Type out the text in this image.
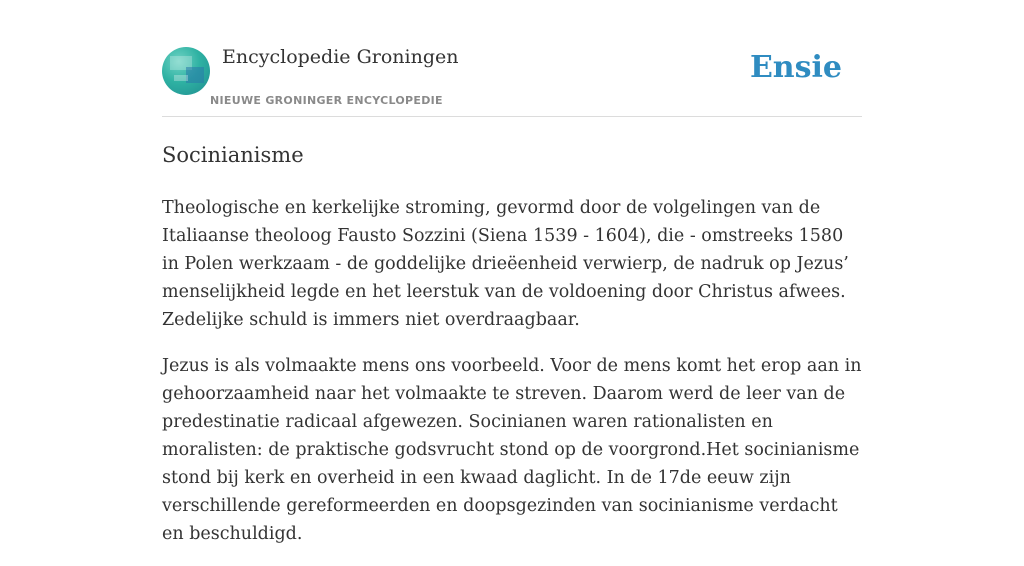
Encyclopedie Groningen
NIEUWE GRONINGER ENCYCLOPEDIE
Ensie
Socinianisme

Theologische en kerkelijke stroming, gevormd door de volgelingen van de Italiaanse theoloog Fausto Sozzini (Siena 1539 - 1604), die - omstreeks 1580 in Polen werkzaam - de goddelijke drieëenheid verwierp, de nadruk op Jezus’ menselijkheid legde en het leerstuk van de voldoening door Christus afwees. Zedelijke schuld is immers niet overdraagbaar.

Jezus is als volmaakte mens ons voorbeeld. Voor de mens komt het erop aan in gehoorzaamheid naar het volmaakte te streven. Daarom werd de leer van de predestinatie radicaal afgewezen. Socinianen waren rationalisten en moralisten: de praktische godsvrucht stond op de voorgrond.Het socinianisme stond bij kerk en overheid in een kwaad daglicht. In de 17de eeuw zijn verschillende gereformeerden en doopsgezinden van socinianisme verdacht en beschuldigd.
